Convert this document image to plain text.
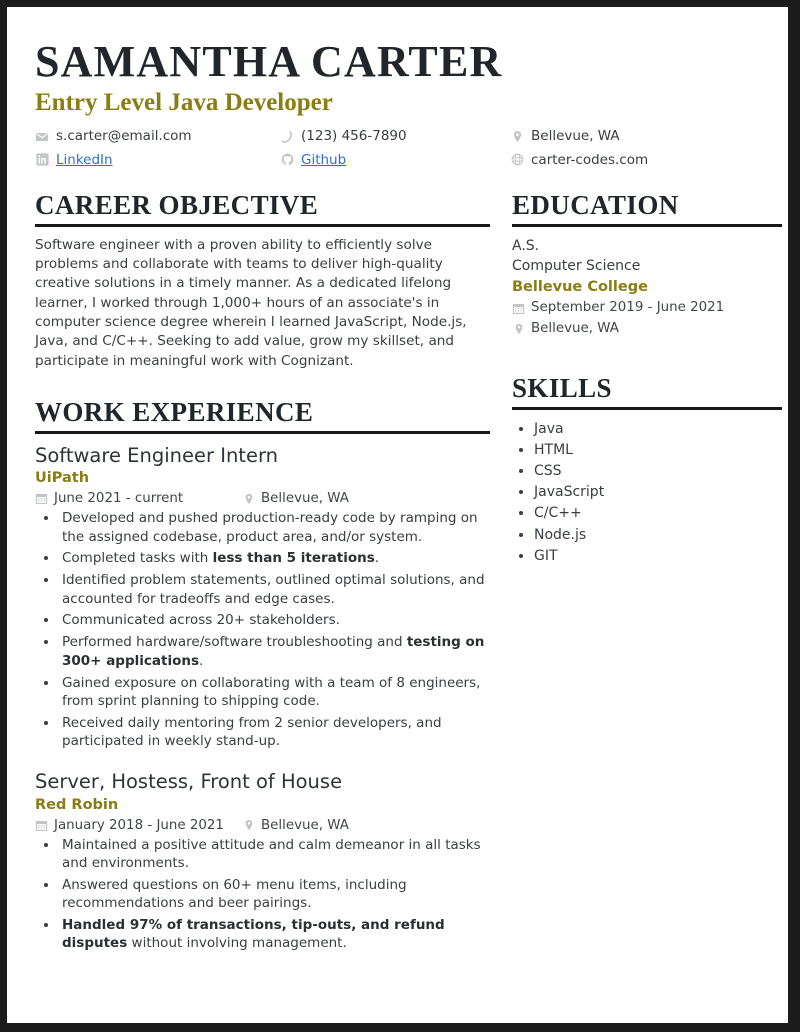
SAMANTHA CARTER
Entry Level Java Developer
s.carter@email.com	(123) 456-7890	Bellevue, WA
LinkedIn	Github	carter-codes.com
CAREER OBJECTIVE

Software engineer with a proven ability to efficiently solve problems and collaborate with teams to deliver high-quality creative solutions in a timely manner. As a dedicated lifelong learner, I worked through 1,000+ hours of an associate's in computer science degree wherein I learned JavaScript, Node.js, Java, and C/C++. Seeking to add value, grow my skillset, and participate in meaningful work with Cognizant.

WORK EXPERIENCE
Software Engineer Intern
UiPath
June 2021 - current	Bellevue, WA
• Developed and pushed production-ready code by ramping on the assigned codebase, product area, and/or system.
• Completed tasks with less than 5 iterations.
• Identified problem statements, outlined optimal solutions, and accounted for tradeoffs and edge cases.
• Communicated across 20+ stakeholders.
• Performed hardware/software troubleshooting and testing on 300+ applications.
• Gained exposure on collaborating with a team of 8 engineers, from sprint planning to shipping code.
• Received daily mentoring from 2 senior developers, and participated in weekly stand-up.
Server, Hostess, Front of House
Red Robin
January 2018 - June 2021	Bellevue, WA
• Maintained a positive attitude and calm demeanor in all tasks and environments.
• Answered questions on 60+ menu items, including recommendations and beer pairings.
• Handled 97% of transactions, tip-outs, and refund disputes without involving management.
EDUCATION
A.S.
Computer Science
Bellevue College
September 2019 - June 2021
Bellevue, WA
SKILLS
• Java
• HTML
• CSS
• JavaScript
• C/C++
• Node.js
• GIT
